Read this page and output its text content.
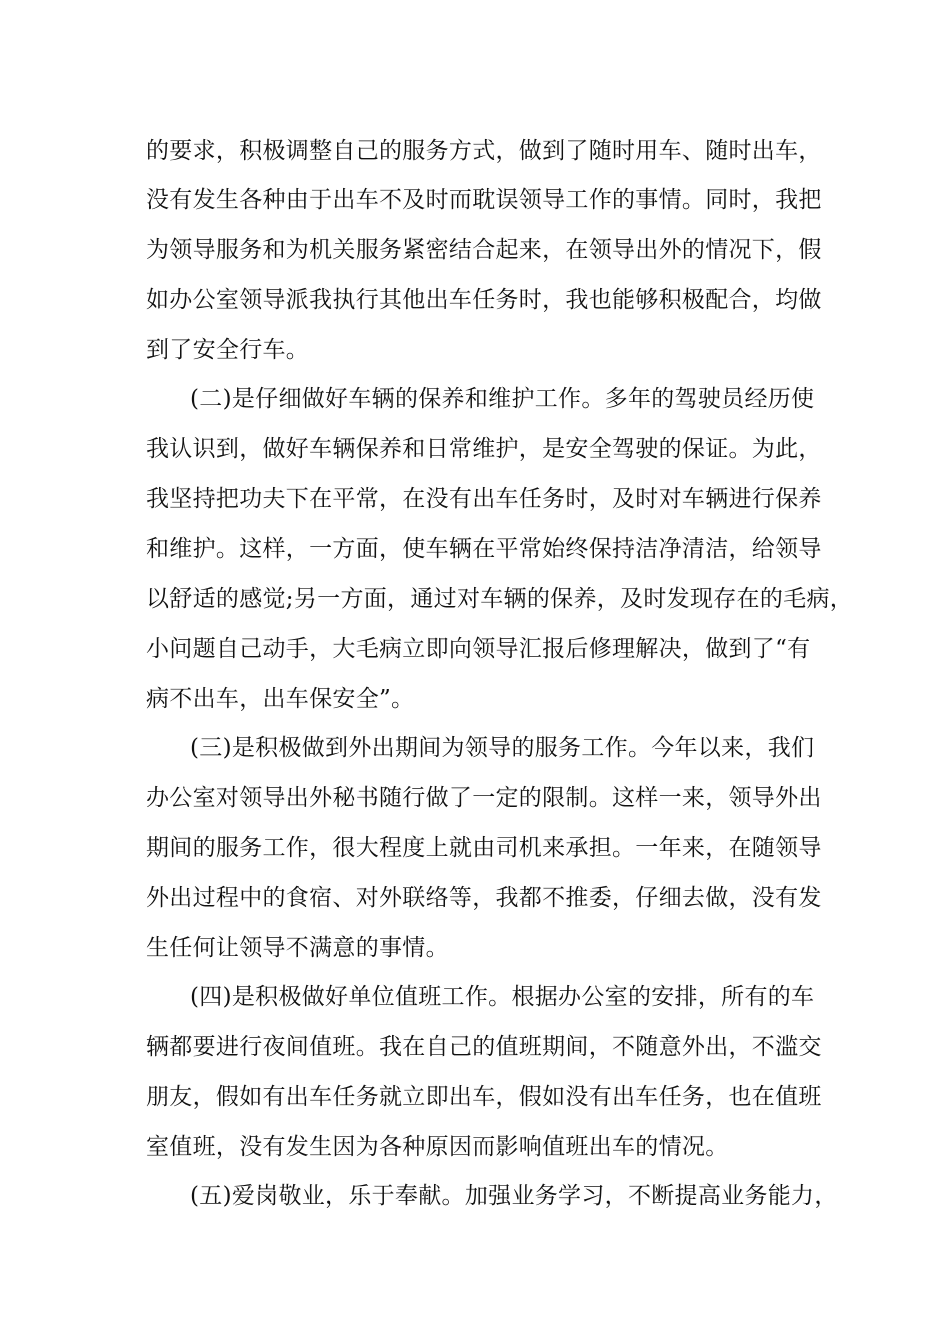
的要求，积极调整自己的服务方式，做到了随时用车、随时出车，
没有发生各种由于出车不及时而耽误领导工作的事情。同时，我把
为领导服务和为机关服务紧密结合起来，在领导出外的情况下，假
如办公室领导派我执行其他出车任务时，我也能够积极配合，均做
到了安全行车。
(二)是仔细做好车辆的保养和维护工作。多年的驾驶员经历使
我认识到，做好车辆保养和日常维护，是安全驾驶的保证。为此，
我坚持把功夫下在平常，在没有出车任务时，及时对车辆进行保养
和维护。这样，一方面，使车辆在平常始终保持洁净清洁，给领导
以舒适的感觉;另一方面，通过对车辆的保养，及时发现存在的毛病，
小问题自己动手，大毛病立即向领导汇报后修理解决，做到了“有
病不出车，出车保安全”。
(三)是积极做到外出期间为领导的服务工作。今年以来，我们
办公室对领导出外秘书随行做了一定的限制。这样一来，领导外出
期间的服务工作，很大程度上就由司机来承担。一年来，在随领导
外出过程中的食宿、对外联络等，我都不推委，仔细去做，没有发
生任何让领导不满意的事情。
(四)是积极做好单位值班工作。根据办公室的安排，所有的车
辆都要进行夜间值班。我在自己的值班期间，不随意外出，不滥交
朋友，假如有出车任务就立即出车，假如没有出车任务，也在值班
室值班，没有发生因为各种原因而影响值班出车的情况。
(五)爱岗敬业，乐于奉献。加强业务学习，不断提高业务能力，
